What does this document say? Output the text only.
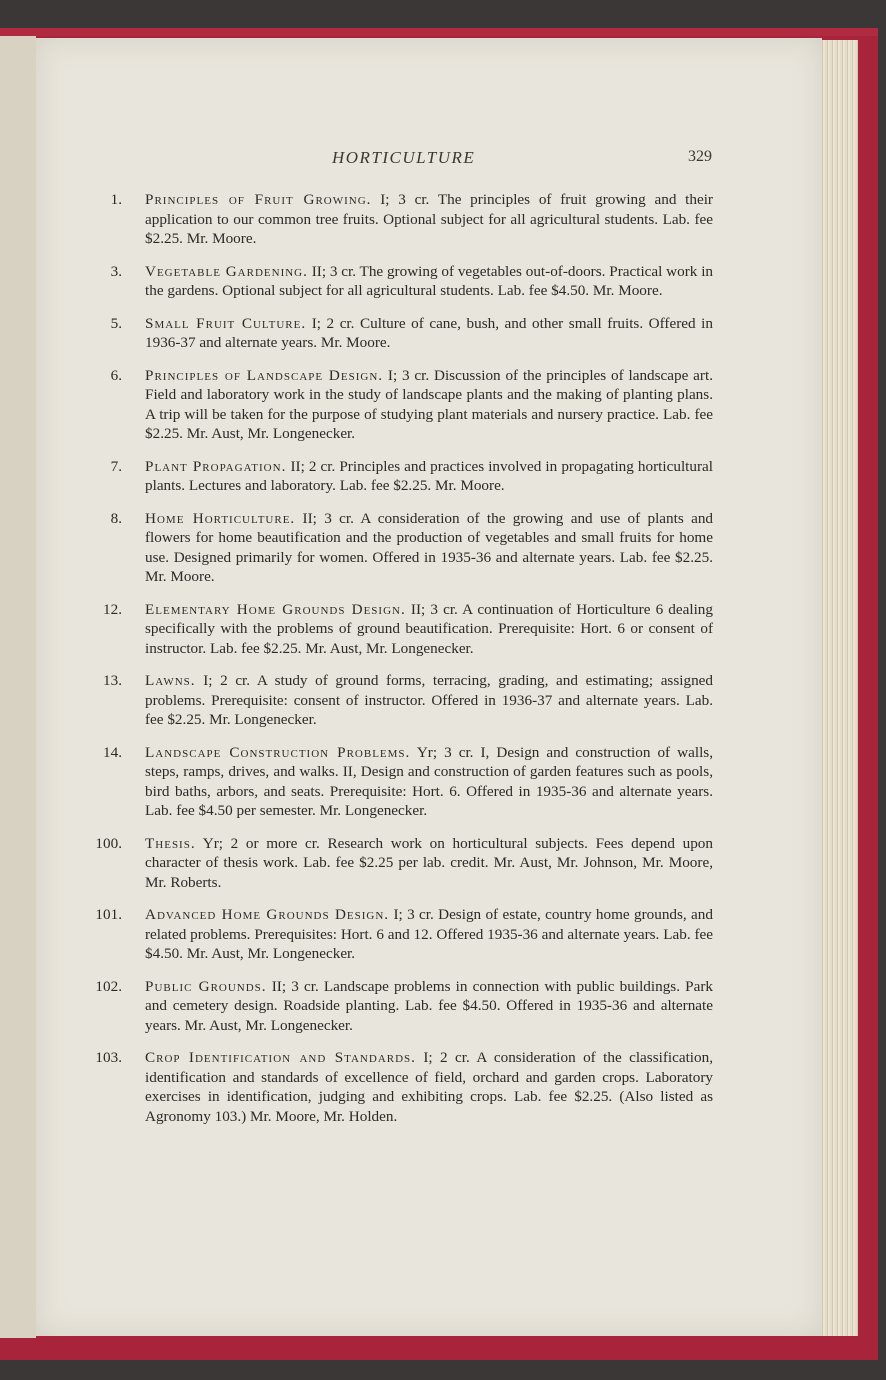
HORTICULTURE	329
1. Principles of Fruit Growing. I; 3 cr. The principles of fruit growing and their application to our common tree fruits. Optional subject for all agricultural students. Lab. fee $2.25. Mr. Moore.
3. Vegetable Gardening. II; 3 cr. The growing of vegetables out-of-doors. Practical work in the gardens. Optional subject for all agricultural students. Lab. fee $4.50. Mr. Moore.
5. Small Fruit Culture. I; 2 cr. Culture of cane, bush, and other small fruits. Offered in 1936-37 and alternate years. Mr. Moore.
6. Principles of Landscape Design. I; 3 cr. Discussion of the principles of landscape art. Field and laboratory work in the study of landscape plants and the making of planting plans. A trip will be taken for the purpose of studying plant materials and nursery practice. Lab. fee $2.25. Mr. Aust, Mr. Longenecker.
7. Plant Propagation. II; 2 cr. Principles and practices involved in propagating horticultural plants. Lectures and laboratory. Lab. fee $2.25. Mr. Moore.
8. Home Horticulture. II; 3 cr. A consideration of the growing and use of plants and flowers for home beautification and the production of vegetables and small fruits for home use. Designed primarily for women. Offered in 1935-36 and alternate years. Lab. fee $2.25. Mr. Moore.
12. Elementary Home Grounds Design. II; 3 cr. A continuation of Horticulture 6 dealing specifically with the problems of ground beautification. Prerequisite: Hort. 6 or consent of instructor. Lab. fee $2.25. Mr. Aust, Mr. Longenecker.
13. Lawns. I; 2 cr. A study of ground forms, terracing, grading, and estimating; assigned problems. Prerequisite: consent of instructor. Offered in 1936-37 and alternate years. Lab. fee $2.25. Mr. Longenecker.
14. Landscape Construction Problems. Yr; 3 cr. I, Design and construction of walls, steps, ramps, drives, and walks. II, Design and construction of garden features such as pools, bird baths, arbors, and seats. Prerequisite: Hort. 6. Offered in 1935-36 and alternate years. Lab. fee $4.50 per semester. Mr. Longenecker.
100. Thesis. Yr; 2 or more cr. Research work on horticultural subjects. Fees depend upon character of thesis work. Lab. fee $2.25 per lab. credit. Mr. Aust, Mr. Johnson, Mr. Moore, Mr. Roberts.
101. Advanced Home Grounds Design. I; 3 cr. Design of estate, country home grounds, and related problems. Prerequisites: Hort. 6 and 12. Offered 1935-36 and alternate years. Lab. fee $4.50. Mr. Aust, Mr. Longenecker.
102. Public Grounds. II; 3 cr. Landscape problems in connection with public buildings. Park and cemetery design. Roadside planting. Lab. fee $4.50. Offered in 1935-36 and alternate years. Mr. Aust, Mr. Longenecker.
103. Crop Identification and Standards. I; 2 cr. A consideration of the classification, identification and standards of excellence of field, orchard and garden crops. Laboratory exercises in identification, judging and exhibiting crops. Lab. fee $2.25. (Also listed as Agronomy 103.) Mr. Moore, Mr. Holden.
